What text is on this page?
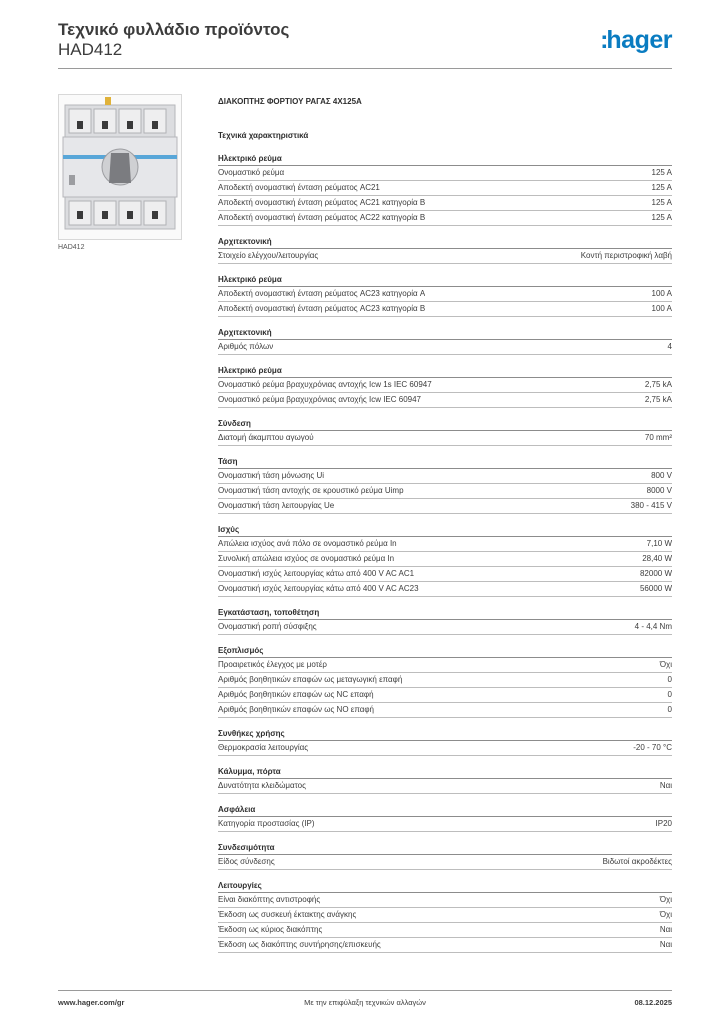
Τεχνικό φυλλάδιο προϊόντος
HAD412	:hager
HAD412
ΔΙΑΚΟΠΤΗΣ ΦΟΡΤΙΟΥ ΡΑΓΑΣ 4X125A
Τεχνικά χαρακτηριστικά
Ηλεκτρικό ρεύμα
Ονομαστικό ρεύμα	125 A
Αποδεκτή ονομαστική ένταση ρεύματος AC21	125 A
Αποδεκτή ονομαστική ένταση ρεύματος AC21 κατηγορία B	125 A
Αποδεκτή ονομαστική ένταση ρεύματος AC22 κατηγορία B	125 A
Αρχιτεκτονική
Στοιχείο ελέγχου/λειτουργίας	Κοντή περιστροφική λαβή
Ηλεκτρικό ρεύμα
Αποδεκτή ονομαστική ένταση ρεύματος AC23 κατηγορία A	100 A
Αποδεκτή ονομαστική ένταση ρεύματος AC23 κατηγορία B	100 A
Αρχιτεκτονική
Αριθμός πόλων	4
Ηλεκτρικό ρεύμα
Ονομαστικό ρεύμα βραχυχρόνιας αντοχής Icw 1s IEC 60947	2,75 kA
Ονομαστικό ρεύμα βραχυχρόνιας αντοχής Icw IEC 60947	2,75 kA
Σύνδεση
Διατομή άκαμπτου αγωγού	70 mm²
Τάση
Ονομαστική τάση μόνωσης Ui	800 V
Ονομαστική τάση αντοχής σε κρουστικό ρεύμα Uimp	8000 V
Ονομαστική τάση λειτουργίας Ue	380 - 415 V
Ισχύς
Απώλεια ισχύος ανά πόλο σε ονομαστικό ρεύμα In	7,10 W
Συνολική απώλεια ισχύος σε ονομαστικό ρεύμα In	28,40 W
Ονομαστική ισχύς λειτουργίας κάτω από 400 V AC AC1	82000 W
Ονομαστική ισχύς λειτουργίας κάτω από 400 V AC AC23	56000 W
Εγκατάσταση, τοποθέτηση
Ονομαστική ροπή σύσφιξης	4 - 4,4 Nm
Εξοπλισμός
Προαιρετικός έλεγχος με μοτέρ	Όχι
Αριθμός βοηθητικών επαφών ως μεταγωγική επαφή	0
Αριθμός βοηθητικών επαφών ως NC επαφή	0
Αριθμός βοηθητικών επαφών ως NO επαφή	0
Συνθήκες χρήσης
Θερμοκρασία λειτουργίας	-20 - 70 °C
Κάλυμμα, πόρτα
Δυνατότητα κλειδώματος	Ναι
Ασφάλεια
Κατηγορία προστασίας (IP)	IP20
Συνδεσιμότητα
Είδος σύνδεσης	Βιδωτοί ακροδέκτες
Λειτουργίες
Είναι διακόπτης αντιστροφής	Όχι
Έκδοση ως συσκευή έκτακτης ανάγκης	Όχι
Έκδοση ως κύριος διακόπτης	Ναι
Έκδοση ως διακόπτης συντήρησης/επισκευής	Ναι
www.hager.com/gr	Με την επιφύλαξη τεχνικών αλλαγών	08.12.2025
